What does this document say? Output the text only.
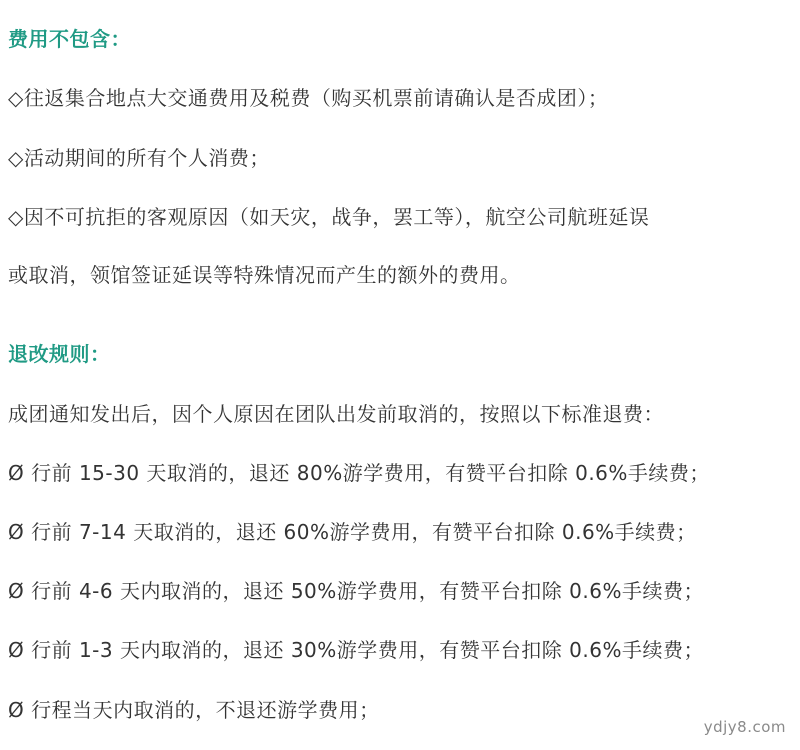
费用不包含：
◇往返集合地点大交通费用及税费（购买机票前请确认是否成团）；
◇活动期间的所有个人消费；
◇因不可抗拒的客观原因（如天灾，战争，罢工等），航空公司航班延误
或取消，领馆签证延误等特殊情况而产生的额外的费用。
退改规则：
成团通知发出后，因个人原因在团队出发前取消的，按照以下标准退费：
Ø 行前 15-30 天取消的，退还 80%游学费用，有赞平台扣除 0.6%手续费；
Ø 行前 7-14 天取消的，退还 60%游学费用，有赞平台扣除 0.6%手续费；
Ø 行前 4-6 天内取消的，退还 50%游学费用，有赞平台扣除 0.6%手续费；
Ø 行前 1-3 天内取消的，退还 30%游学费用，有赞平台扣除 0.6%手续费；
Ø 行程当天内取消的，不退还游学费用；
ydjy8.com
